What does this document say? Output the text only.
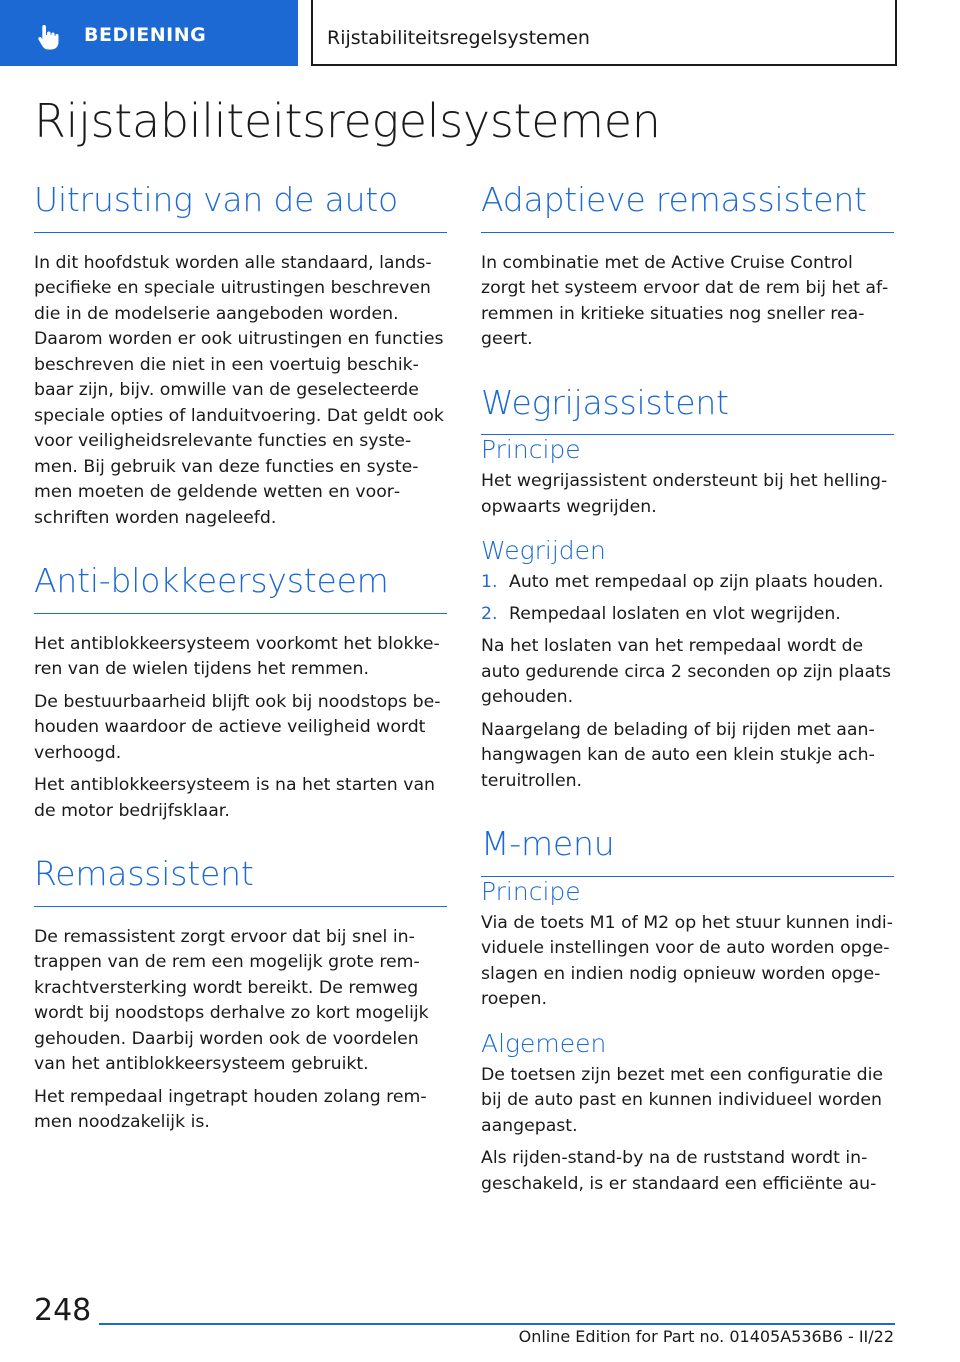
BEDIENING	Rijstabiliteitsregelsystemen
Rijstabiliteitsregelsystemen
Uitrusting van de auto

In dit hoofdstuk worden alle standaard, landspecifieke en speciale uitrustingen beschreven die in de modelserie aangeboden worden. Daarom worden er ook uitrustingen en functies beschreven die niet in een voertuig beschikbaar zijn, bijv. omwille van de geselecteerde speciale opties of landuitvoering. Dat geldt ook voor veiligheidsrelevante functies en systemen. Bij gebruik van deze functies en systemen moeten de geldende wetten en voorschriften worden nageleefd.

Anti-blokkeersysteem

Het antiblokkeersysteem voorkomt het blokkeren van de wielen tijdens het remmen.

De bestuurbaarheid blijft ook bij noodstops behouden waardoor de actieve veiligheid wordt verhoogd.

Het antiblokkeersysteem is na het starten van de motor bedrijfsklaar.

Remassistent

De remassistent zorgt ervoor dat bij snel intrappen van de rem een mogelijk grote remkrachtversterking wordt bereikt. De remweg wordt bij noodstops derhalve zo kort mogelijk gehouden. Daarbij worden ook de voordelen van het antiblokkeersysteem gebruikt.

Het rempedaal ingetrapt houden zolang remmen noodzakelijk is.

Adaptieve remassistent

In combinatie met de Active Cruise Control zorgt het systeem ervoor dat de rem bij het afremmen in kritieke situaties nog sneller reageert.

Wegrijassistent
Principe

Het wegrijassistent ondersteunt bij het hellingopwaarts wegrijden.

Wegrijden
1. Auto met rempedaal op zijn plaats houden.
2. Rempedaal loslaten en vlot wegrijden.

Na het loslaten van het rempedaal wordt de auto gedurende circa 2 seconden op zijn plaats gehouden.

Naargelang de belading of bij rijden met aanhangwagen kan de auto een klein stukje achteruitrollen.

M-menu
Principe

Via de toets M1 of M2 op het stuur kunnen individuele instellingen voor de auto worden opgeslagen en indien nodig opnieuw worden opgeroepen.

Algemeen

De toetsen zijn bezet met een configuratie die bij de auto past en kunnen individueel worden aangepast.

Als rijden-stand-by na de ruststand wordt ingeschakeld, is er standaard een efficiënte au-

248
Online Edition for Part no. 01405A536B6 - II/22
